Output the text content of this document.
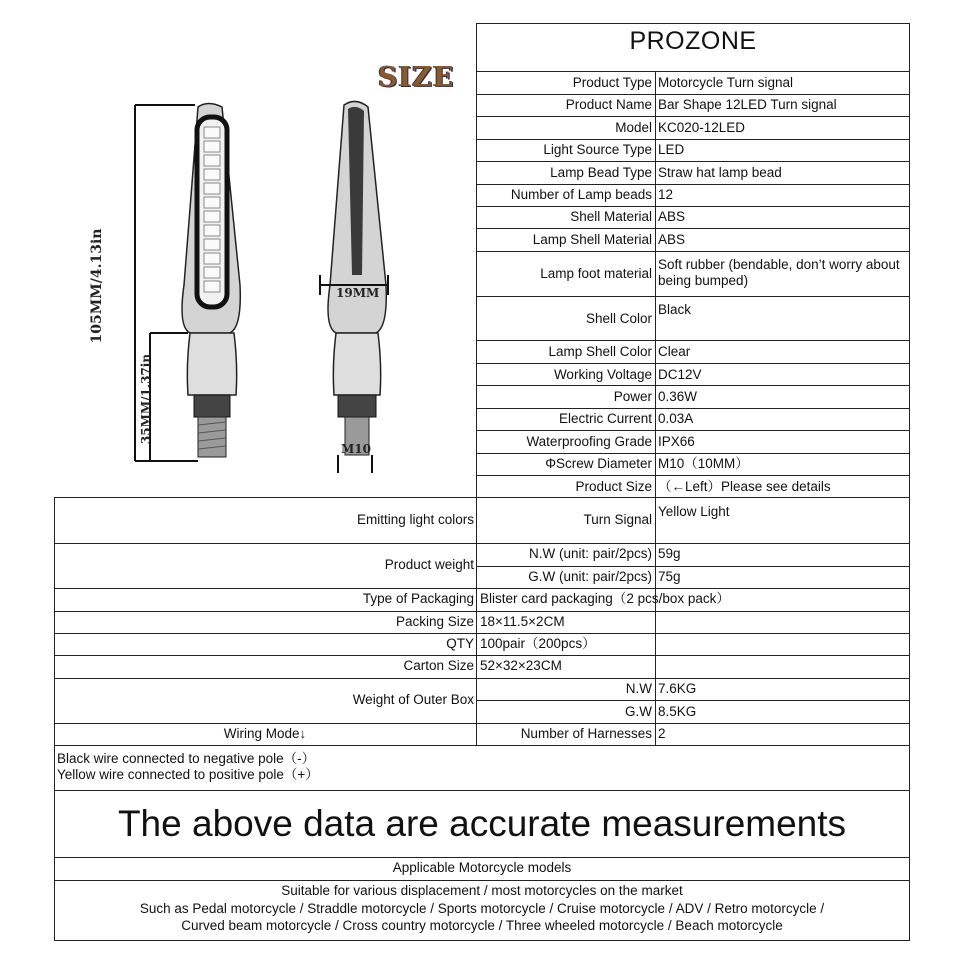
SIZE
105MM/4.13in
35MM/1.37in
19MM
M10
PROZONE
Product Type Motorcycle Turn signal
Product Name Bar Shape 12LED Turn signal
Model KC020-12LED
Light Source Type LED
Lamp Bead Type Straw hat lamp bead
Number of Lamp beads 12
Shell Material ABS
Lamp Shell Material ABS
Lamp foot material
Soft rubber (bendable, don’t worry about being bumped)
Shell Color
Black
Lamp Shell Color Clear
Working Voltage DC12V
Power 0.36W
Electric Current 0.03A
Waterproofing Grade IPX66
ΦScrew Diameter M10（10MM）
Product Size （←Left）Please see details
Emitting light colors	Turn Signal
Yellow Light
Product weight
N.W (unit: pair/2pcs) 59g
G.W (unit: pair/2pcs) 75g
Type of Packaging Blister card packaging（2 pcs/box pack）
Packing Size 18×11.5×2CM
QTY 100pair（200pcs）
Carton Size 52×32×23CM
Weight of Outer Box
N.W 7.6KG
G.W 8.5KG
Wiring Mode↓	Number of Harnesses 2
Black wire connected to negative pole（-）
Yellow wire connected to positive pole（+）
The above data are accurate measurements
Applicable Motorcycle models
Suitable for various displacement / most motorcycles on the market
Such as Pedal motorcycle / Straddle motorcycle / Sports motorcycle / Cruise motorcycle / ADV / Retro motorcycle /
Curved beam motorcycle / Cross country motorcycle / Three wheeled motorcycle / Beach motorcycle
